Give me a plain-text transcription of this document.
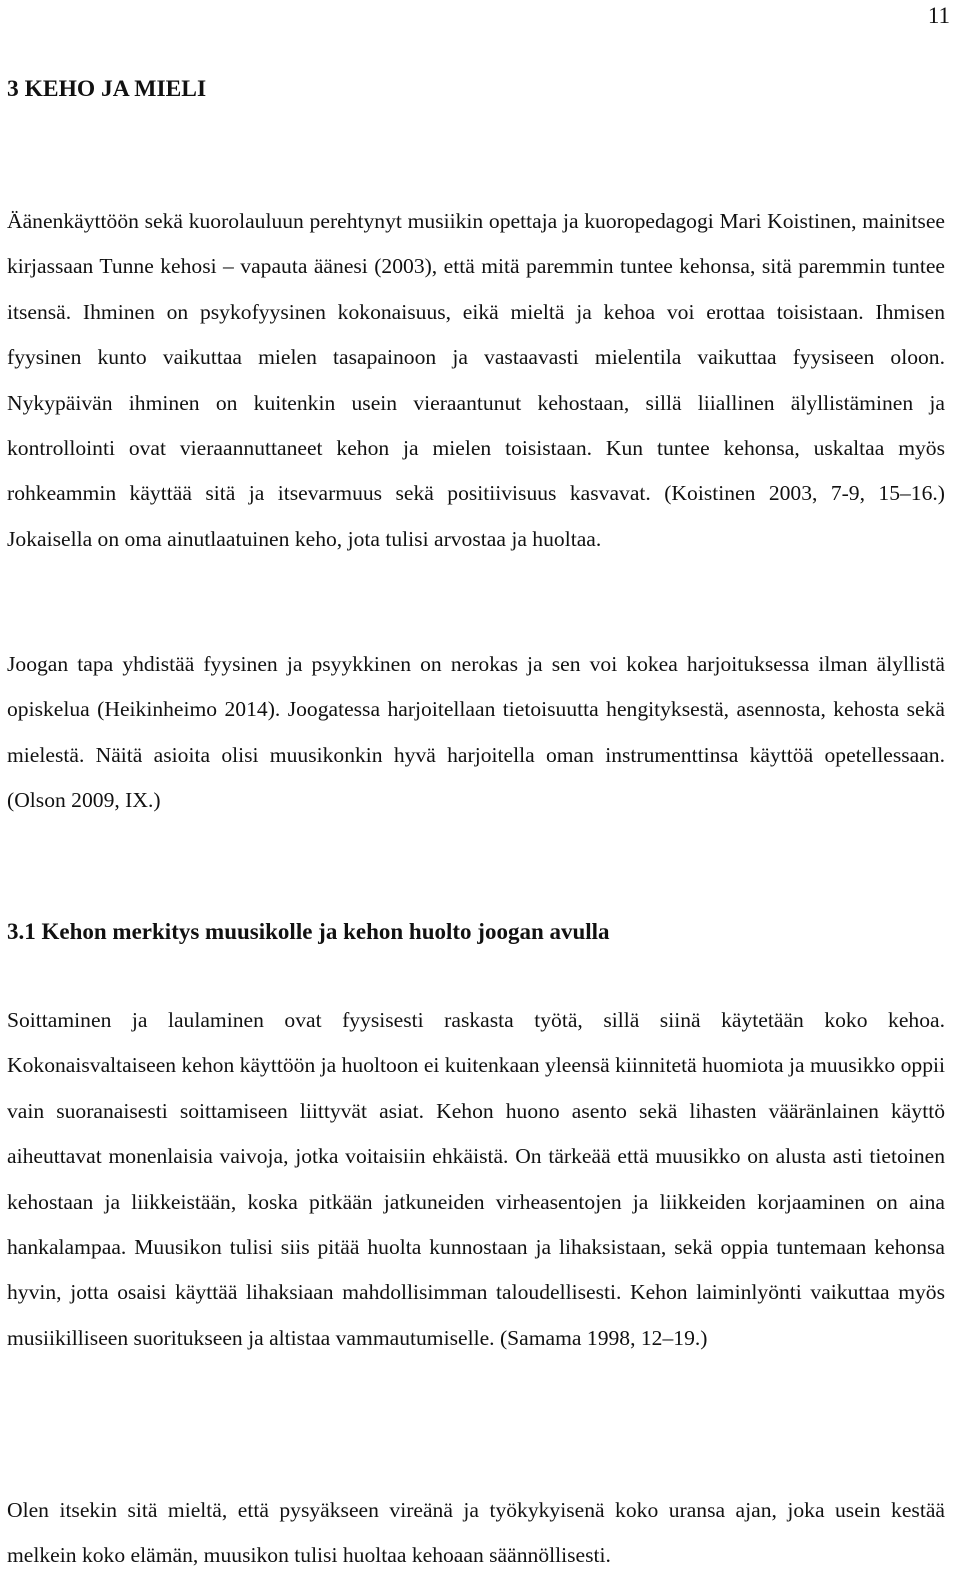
11
3 KEHO JA MIELI

Äänenkäyttöön sekä kuorolauluun perehtynyt musiikin opettaja ja kuoropedagogi Mari Koistinen, mainitsee kirjassaan Tunne kehosi – vapauta äänesi (2003), että mitä paremmin tuntee kehonsa, sitä paremmin tuntee itsensä. Ihminen on psykofyysinen kokonaisuus, eikä mieltä ja kehoa voi erottaa toisistaan. Ihmisen fyysinen kunto vaikuttaa mielen tasapainoon ja vastaavasti mielentila vaikuttaa fyysiseen oloon. Nykypäivän ihminen on kuitenkin usein vieraantunut kehostaan, sillä liiallinen älyllistäminen ja kontrollointi ovat vieraannuttaneet kehon ja mielen toisistaan. Kun tuntee kehonsa, uskaltaa myös rohkeammin käyttää sitä ja itsevarmuus sekä positiivisuus kasvavat. (Koistinen 2003, 7-9, 15–16.) Jokaisella on oma ainutlaatuinen keho, jota tulisi arvostaa ja huoltaa.

Joogan tapa yhdistää fyysinen ja psyykkinen on nerokas ja sen voi kokea harjoituksessa ilman älyllistä opiskelua (Heikinheimo 2014). Joogatessa harjoitellaan tietoisuutta hengityksestä, asennosta, kehosta sekä mielestä. Näitä asioita olisi muusikonkin hyvä harjoitella oman instrumenttinsa käyttöä opetellessaan. (Olson 2009, IX.)

3.1 Kehon merkitys muusikolle ja kehon huolto joogan avulla

Soittaminen ja laulaminen ovat fyysisesti raskasta työtä, sillä siinä käytetään koko kehoa. Kokonaisvaltaiseen kehon käyttöön ja huoltoon ei kuitenkaan yleensä kiinnitetä huomiota ja muusikko oppii vain suoranaisesti soittamiseen liittyvät asiat. Kehon huono asento sekä lihasten vääränlainen käyttö aiheuttavat monenlaisia vaivoja, jotka voitaisiin ehkäistä. On tärkeää että muusikko on alusta asti tietoinen kehostaan ja liikkeistään, koska pitkään jatkuneiden virheasentojen ja liikkeiden korjaaminen on aina hankalampaa. Muusikon tulisi siis pitää huolta kunnostaan ja lihaksistaan, sekä oppia tuntemaan kehonsa hyvin, jotta osaisi käyttää lihaksiaan mahdollisimman taloudellisesti. Kehon laiminlyönti vaikuttaa myös musiikilliseen suoritukseen ja altistaa vammautumiselle. (Samama 1998, 12–19.)

Olen itsekin sitä mieltä, että pysyäkseen vireänä ja työkykyisenä koko uransa ajan, joka usein kestää melkein koko elämän, muusikon tulisi huoltaa kehoaan säännöllisesti.
